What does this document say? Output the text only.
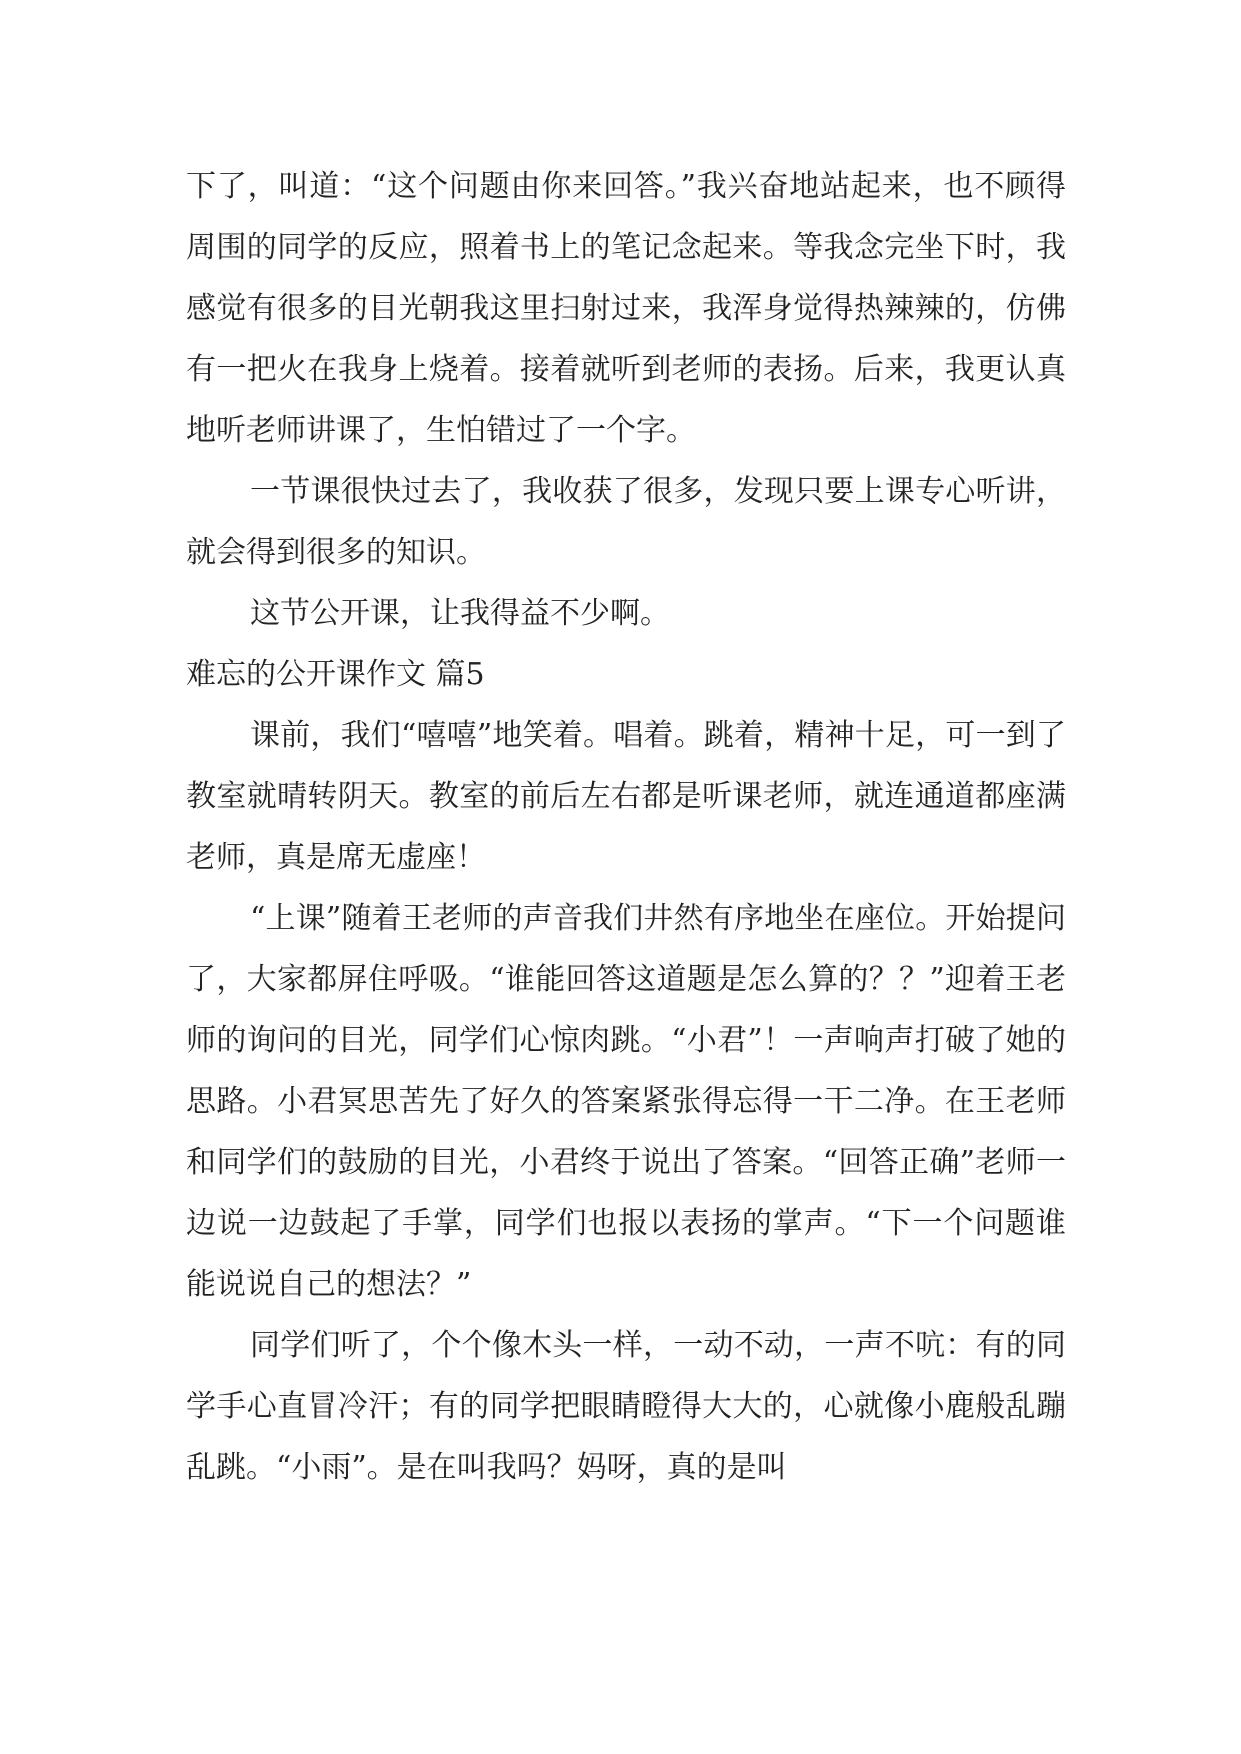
下了，叫道：“这个问题由你来回答。”我兴奋地站起来，也不顾得周围的同学的反应，照着书上的笔记念起来。等我念完坐下时，我感觉有很多的目光朝我这里扫射过来，我浑身觉得热辣辣的，仿佛有一把火在我身上烧着。接着就听到老师的表扬。后来，我更认真地听老师讲课了，生怕错过了一个字。

一节课很快过去了，我收获了很多，发现只要上课专心听讲，就会得到很多的知识。

这节公开课，让我得益不少啊。

难忘的公开课作文 篇5

课前，我们“嘻嘻”地笑着。唱着。跳着，精神十足，可一到了教室就晴转阴天。教室的前后左右都是听课老师，就连通道都座满老师，真是席无虚座！

“上课”随着王老师的声音我们井然有序地坐在座位。开始提问了，大家都屏住呼吸。“谁能回答这道题是怎么算的？？”迎着王老师的询问的目光，同学们心惊肉跳。“小君”！一声响声打破了她的思路。小君冥思苦先了好久的答案紧张得忘得一干二净。在王老师和同学们的鼓励的目光，小君终于说出了答案。“回答正确”老师一边说一边鼓起了手掌，同学们也报以表扬的掌声。“下一个问题谁能说说自己的想法？”

同学们听了，个个像木头一样，一动不动，一声不吭：有的同学手心直冒冷汗；有的同学把眼睛瞪得大大的，心就像小鹿般乱蹦乱跳。“小雨”。是在叫我吗？妈呀，真的是叫
